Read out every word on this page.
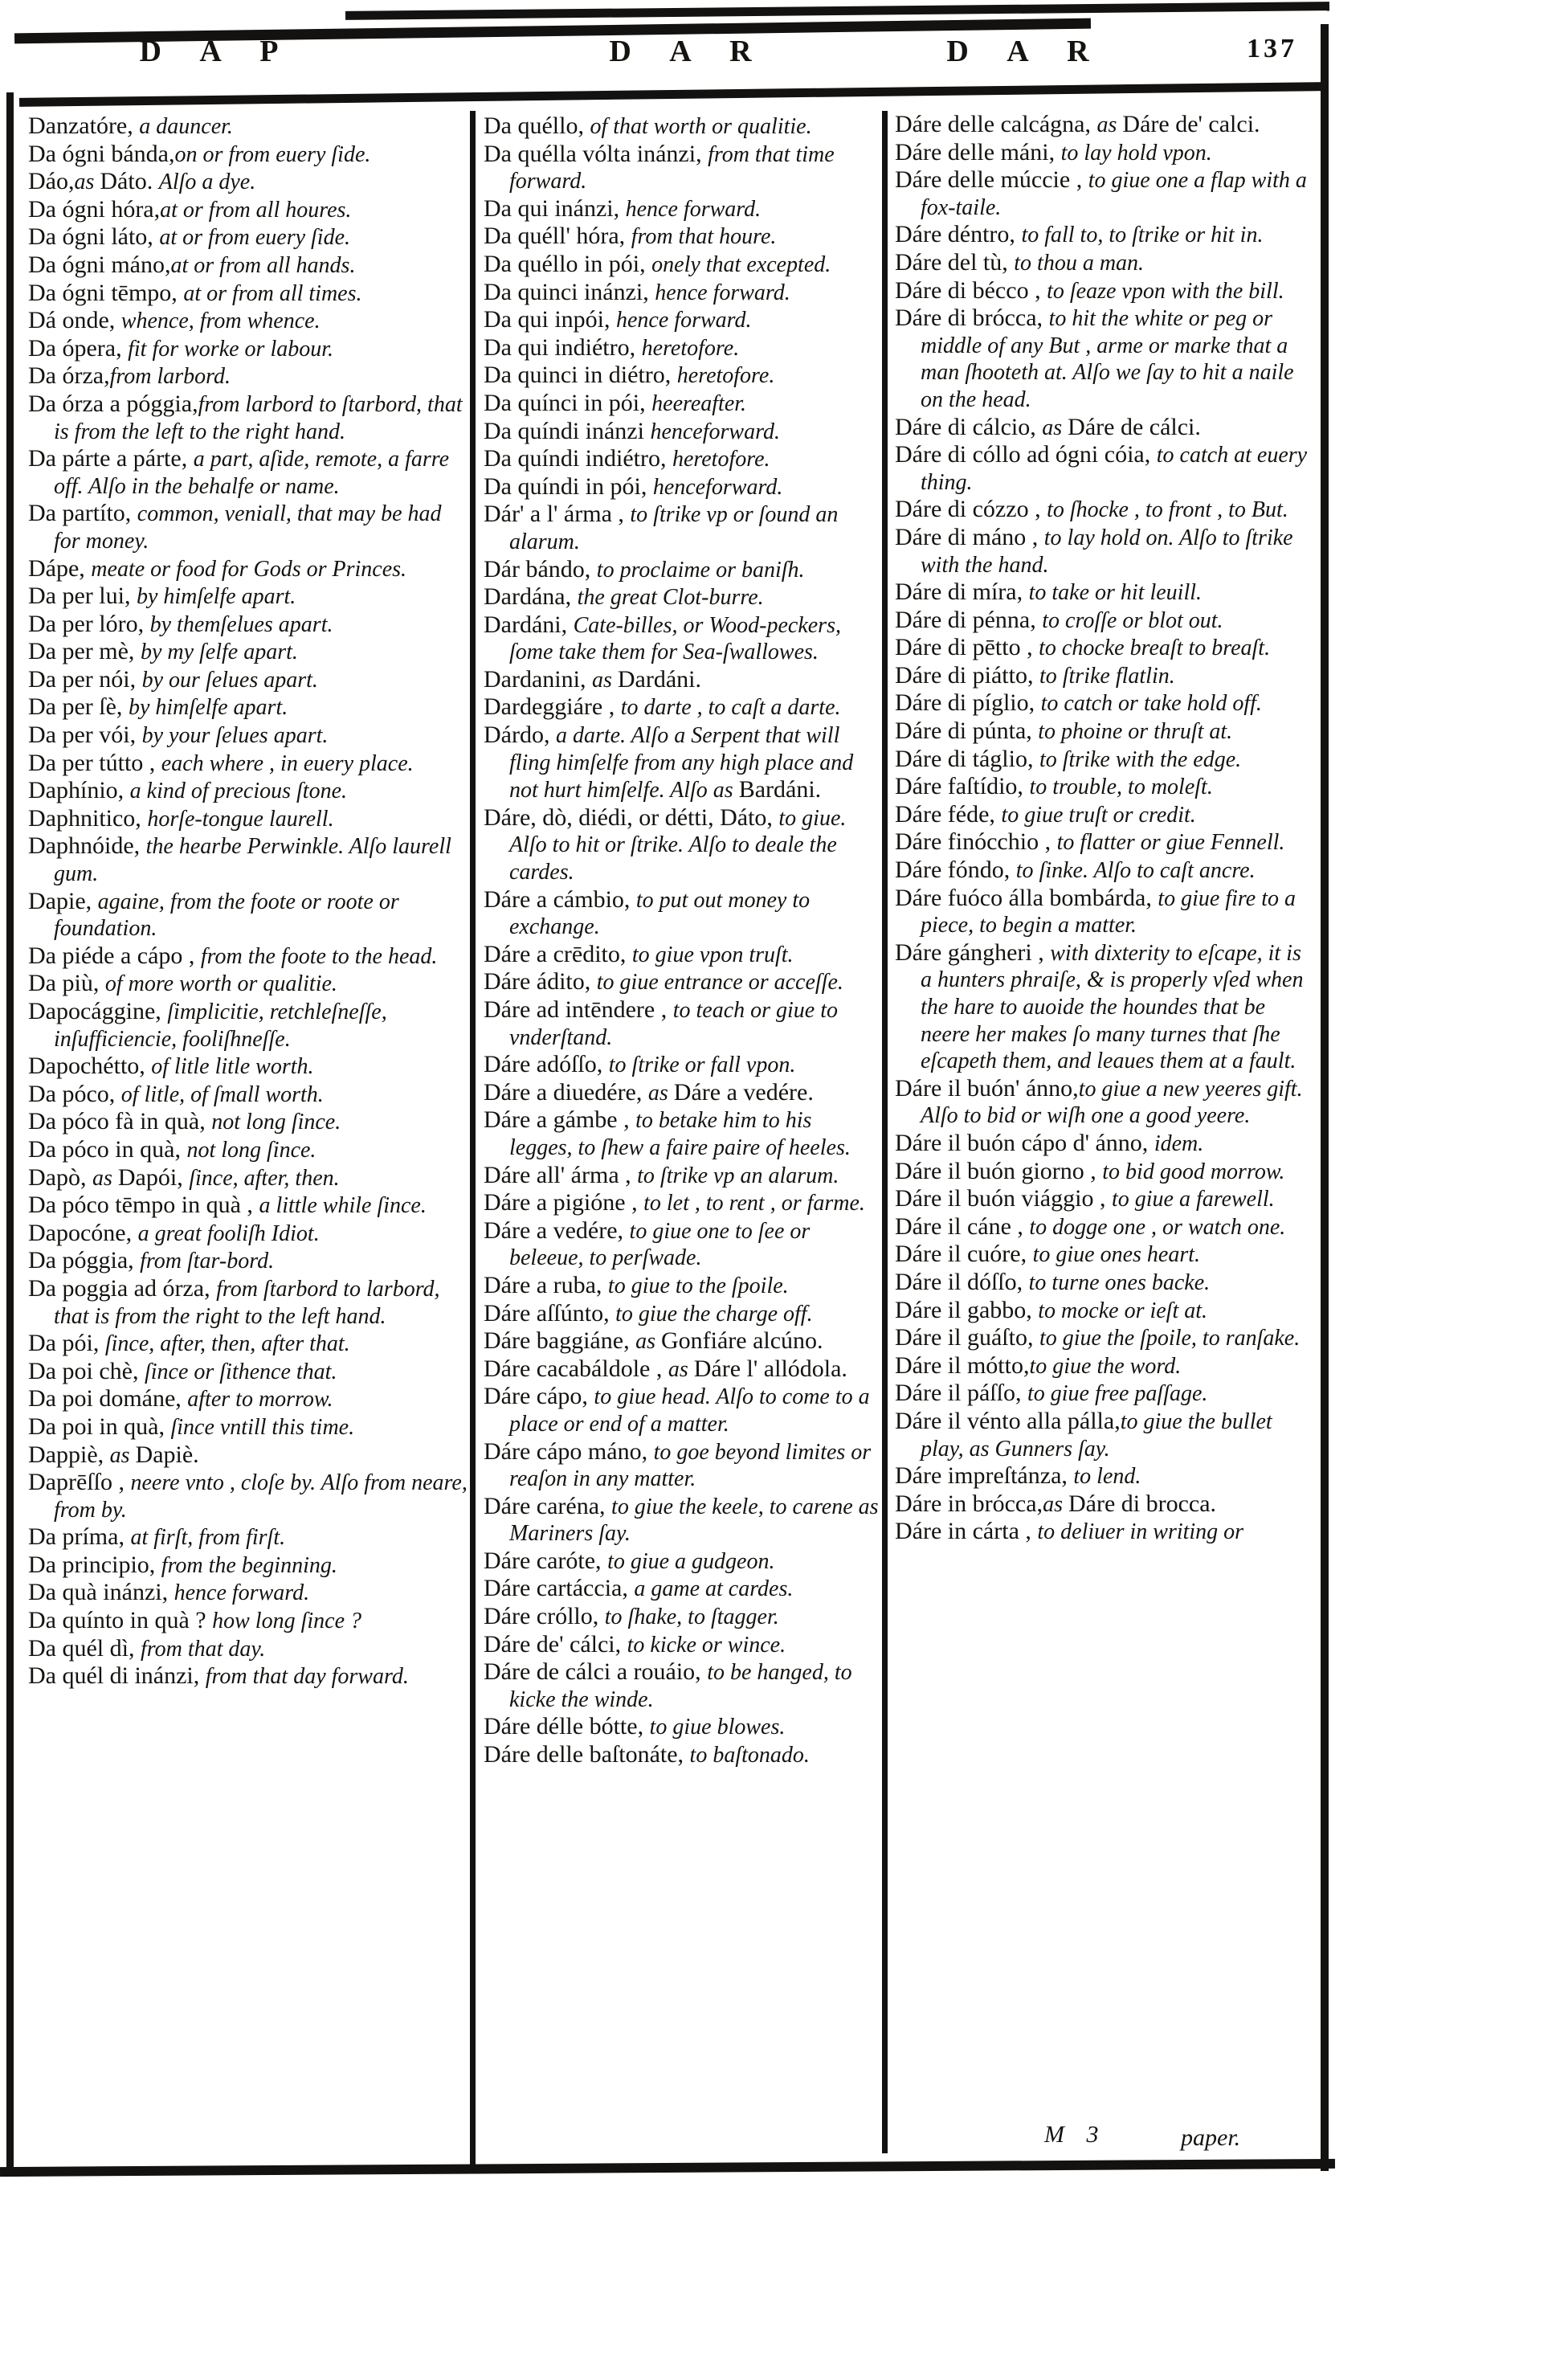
D A P	D A R	D A R	137

Danzatóre, a dauncer.

Da ógni bánda,on or from euery ſide.

Dáo,as Dáto. Alſo a dye.

Da ógni hóra,at or from all houres.

Da ógni láto, at or from euery ſide.

Da ógni máno,at or from all hands.

Da ógni tēmpo, at or from all times.

Dá onde, whence, from whence.

Da ópera, fit for worke or labour.

Da órza,from larbord.

Da órza a póggia,from larbord to ſtarbord, that is from the left to the right hand.

Da párte a párte, a part, aſide, remote, a farre off. Alſo in the behalfe or name.

Da partíto, common, veniall, that may be had for money.

Dápe, meate or food for Gods or Princes.

Da per lui, by himſelfe apart.

Da per lóro, by themſelues apart.

Da per mè, by my ſelfe apart.

Da per nói, by our ſelues apart.

Da per ſè, by himſelfe apart.

Da per vói, by your ſelues apart.

Da per tútto , each where , in euery place.

Daphínio, a kind of precious ſtone.

Daphnitico, horſe-tongue laurell.

Daphnóide, the hearbe Perwinkle. Alſo laurell gum.

Dapie, againe, from the foote or roote or foundation.

Da piéde a cápo , from the foote to the head.

Da più, of more worth or qualitie.

Dapocággine, ſimplicitie, retchleſneſſe, inſufficiencie, fooliſhneſſe.

Dapochétto, of litle litle worth.

Da póco, of litle, of ſmall worth.

Da póco fà in quà, not long ſince.

Da póco in quà, not long ſince.

Dapò, as Dapói, ſince, after, then.

Da póco tēmpo in quà , a little while ſince.

Dapocóne, a great fooliſh Idiot.

Da póggia, from ſtar-bord.

Da poggia ad órza, from ſtarbord to larbord, that is from the right to the left hand.

Da pói, ſince, after, then, after that.

Da poi chè, ſince or ſithence that.

Da poi dománe, after to morrow.

Da poi in quà, ſince vntill this time.

Dappiè, as Dapiè.

Daprēſſo , neere vnto , cloſe by. Alſo from neare, from by.

Da príma, at firſt, from firſt.

Da principio, from the beginning.

Da quà inánzi, hence forward.

Da quínto in quà ? how long ſince ?

Da quél dì, from that day.

Da quél di inánzi, from that day forward.

Da quéllo, of that worth or qualitie.

Da quélla vólta inánzi, from that time forward.

Da qui inánzi, hence forward.

Da quéll' hóra, from that houre.

Da quéllo in pói, onely that excepted.

Da quinci inánzi, hence forward.

Da qui inpói, hence forward.

Da qui indiétro, heretofore.

Da quinci in diétro, heretofore.

Da quínci in pói, heereafter.

Da quíndi inánzi henceforward.

Da quíndi indiétro, heretofore.

Da quíndi in pói, henceforward.

Dár' a l' árma , to ſtrike vp or ſound an alarum.

Dár bándo, to proclaime or baniſh.

Dardána, the great Clot-burre.

Dardáni, Cate-billes, or Wood-peckers, ſome take them for Sea-ſwallowes.

Dardanini, as Dardáni.

Dardeggiáre , to darte , to caſt a darte.

Dárdo, a darte. Alſo a Serpent that will fling himſelfe from any high place and not hurt himſelfe. Alſo as Bardáni.

Dáre, dò, diédi, or détti, Dáto, to giue. Alſo to hit or ſtrike. Alſo to deale the cardes.

Dáre a cámbio, to put out money to exchange.

Dáre a crēdito, to giue vpon truſt.

Dáre ádito, to giue entrance or acceſſe.

Dáre ad intēndere , to teach or giue to vnderſtand.

Dáre adóſſo, to ſtrike or fall vpon.

Dáre a diuedére, as Dáre a vedére.

Dáre a gámbe , to betake him to his legges, to ſhew a faire paire of heeles.

Dáre all' árma , to ſtrike vp an alarum.

Dáre a pigióne , to let , to rent , or farme.

Dáre a vedére, to giue one to ſee or beleeue, to perſwade.

Dáre a ruba, to giue to the ſpoile.

Dáre aſſúnto, to giue the charge off.

Dáre baggiáne, as Gonfiáre alcúno.

Dáre cacabáldole , as Dáre l' allódola.

Dáre cápo, to giue head. Alſo to come to a place or end of a matter.

Dáre cápo máno, to goe beyond limites or reaſon in any matter.

Dáre caréna, to giue the keele, to carene as Mariners ſay.

Dáre caróte, to giue a gudgeon.

Dáre cartáccia, a game at cardes.

Dáre cróllo, to ſhake, to ſtagger.

Dáre de' cálci, to kicke or wince.

Dáre de cálci a rouáio, to be hanged, to kicke the winde.

Dáre délle bótte, to giue blowes.

Dáre delle baſtonáte, to baſtonado.

Dáre delle calcágna, as Dáre de' calci.

Dáre delle máni, to lay hold vpon.

Dáre delle múccie , to giue one a flap with a fox-taile.

Dáre déntro, to fall to, to ſtrike or hit in.

Dáre del tù, to thou a man.

Dáre di bécco , to ſeaze vpon with the bill.

Dáre di brócca, to hit the white or peg or middle of any But , arme or marke that a man ſhooteth at. Alſo we ſay to hit a naile on the head.

Dáre di cálcio, as Dáre de cálci.

Dáre di cóllo ad ógni cóia, to catch at euery thing.

Dáre di cózzo , to ſhocke , to front , to But.

Dáre di máno , to lay hold on. Alſo to ſtrike with the hand.

Dáre di míra, to take or hit leuill.

Dáre di pénna, to croſſe or blot out.

Dáre di pētto , to chocke breaſt to breaſt.

Dáre di piátto, to ſtrike flatlin.

Dáre di píglio, to catch or take hold off.

Dáre di púnta, to phoine or thruſt at.

Dáre di táglio, to ſtrike with the edge.

Dáre faſtídio, to trouble, to moleſt.

Dáre féde, to giue truſt or credit.

Dáre finócchio , to flatter or giue Fennell.

Dáre fóndo, to ſinke. Alſo to caſt ancre.

Dáre fuóco álla bombárda, to giue fire to a piece, to begin a matter.

Dáre gángheri , with dixterity to eſcape, it is a hunters phraiſe, & is properly vſed when the hare to auoide the houndes that be neere her makes ſo many turnes that ſhe eſcapeth them, and leaues them at a fault.

Dáre il buón' ánno,to giue a new yeeres gift. Alſo to bid or wiſh one a good yeere.

Dáre il buón cápo d' ánno, idem.

Dáre il buón giorno , to bid good morrow.

Dáre il buón viággio , to giue a farewell.

Dáre il cáne , to dogge one , or watch one.

Dáre il cuóre, to giue ones heart.

Dáre il dóſſo, to turne ones backe.

Dáre il gabbo, to mocke or ieſt at.

Dáre il guáſto, to giue the ſpoile, to ranſake.

Dáre il mótto,to giue the word.

Dáre il páſſo, to giue free paſſage.

Dáre il vénto alla pálla,to giue the bullet play, as Gunners ſay.

Dáre impreſtánza, to lend.

Dáre in brócca,as Dáre di brocca.

Dáre in cárta , to deliuer in writing or

M 3	paper.
